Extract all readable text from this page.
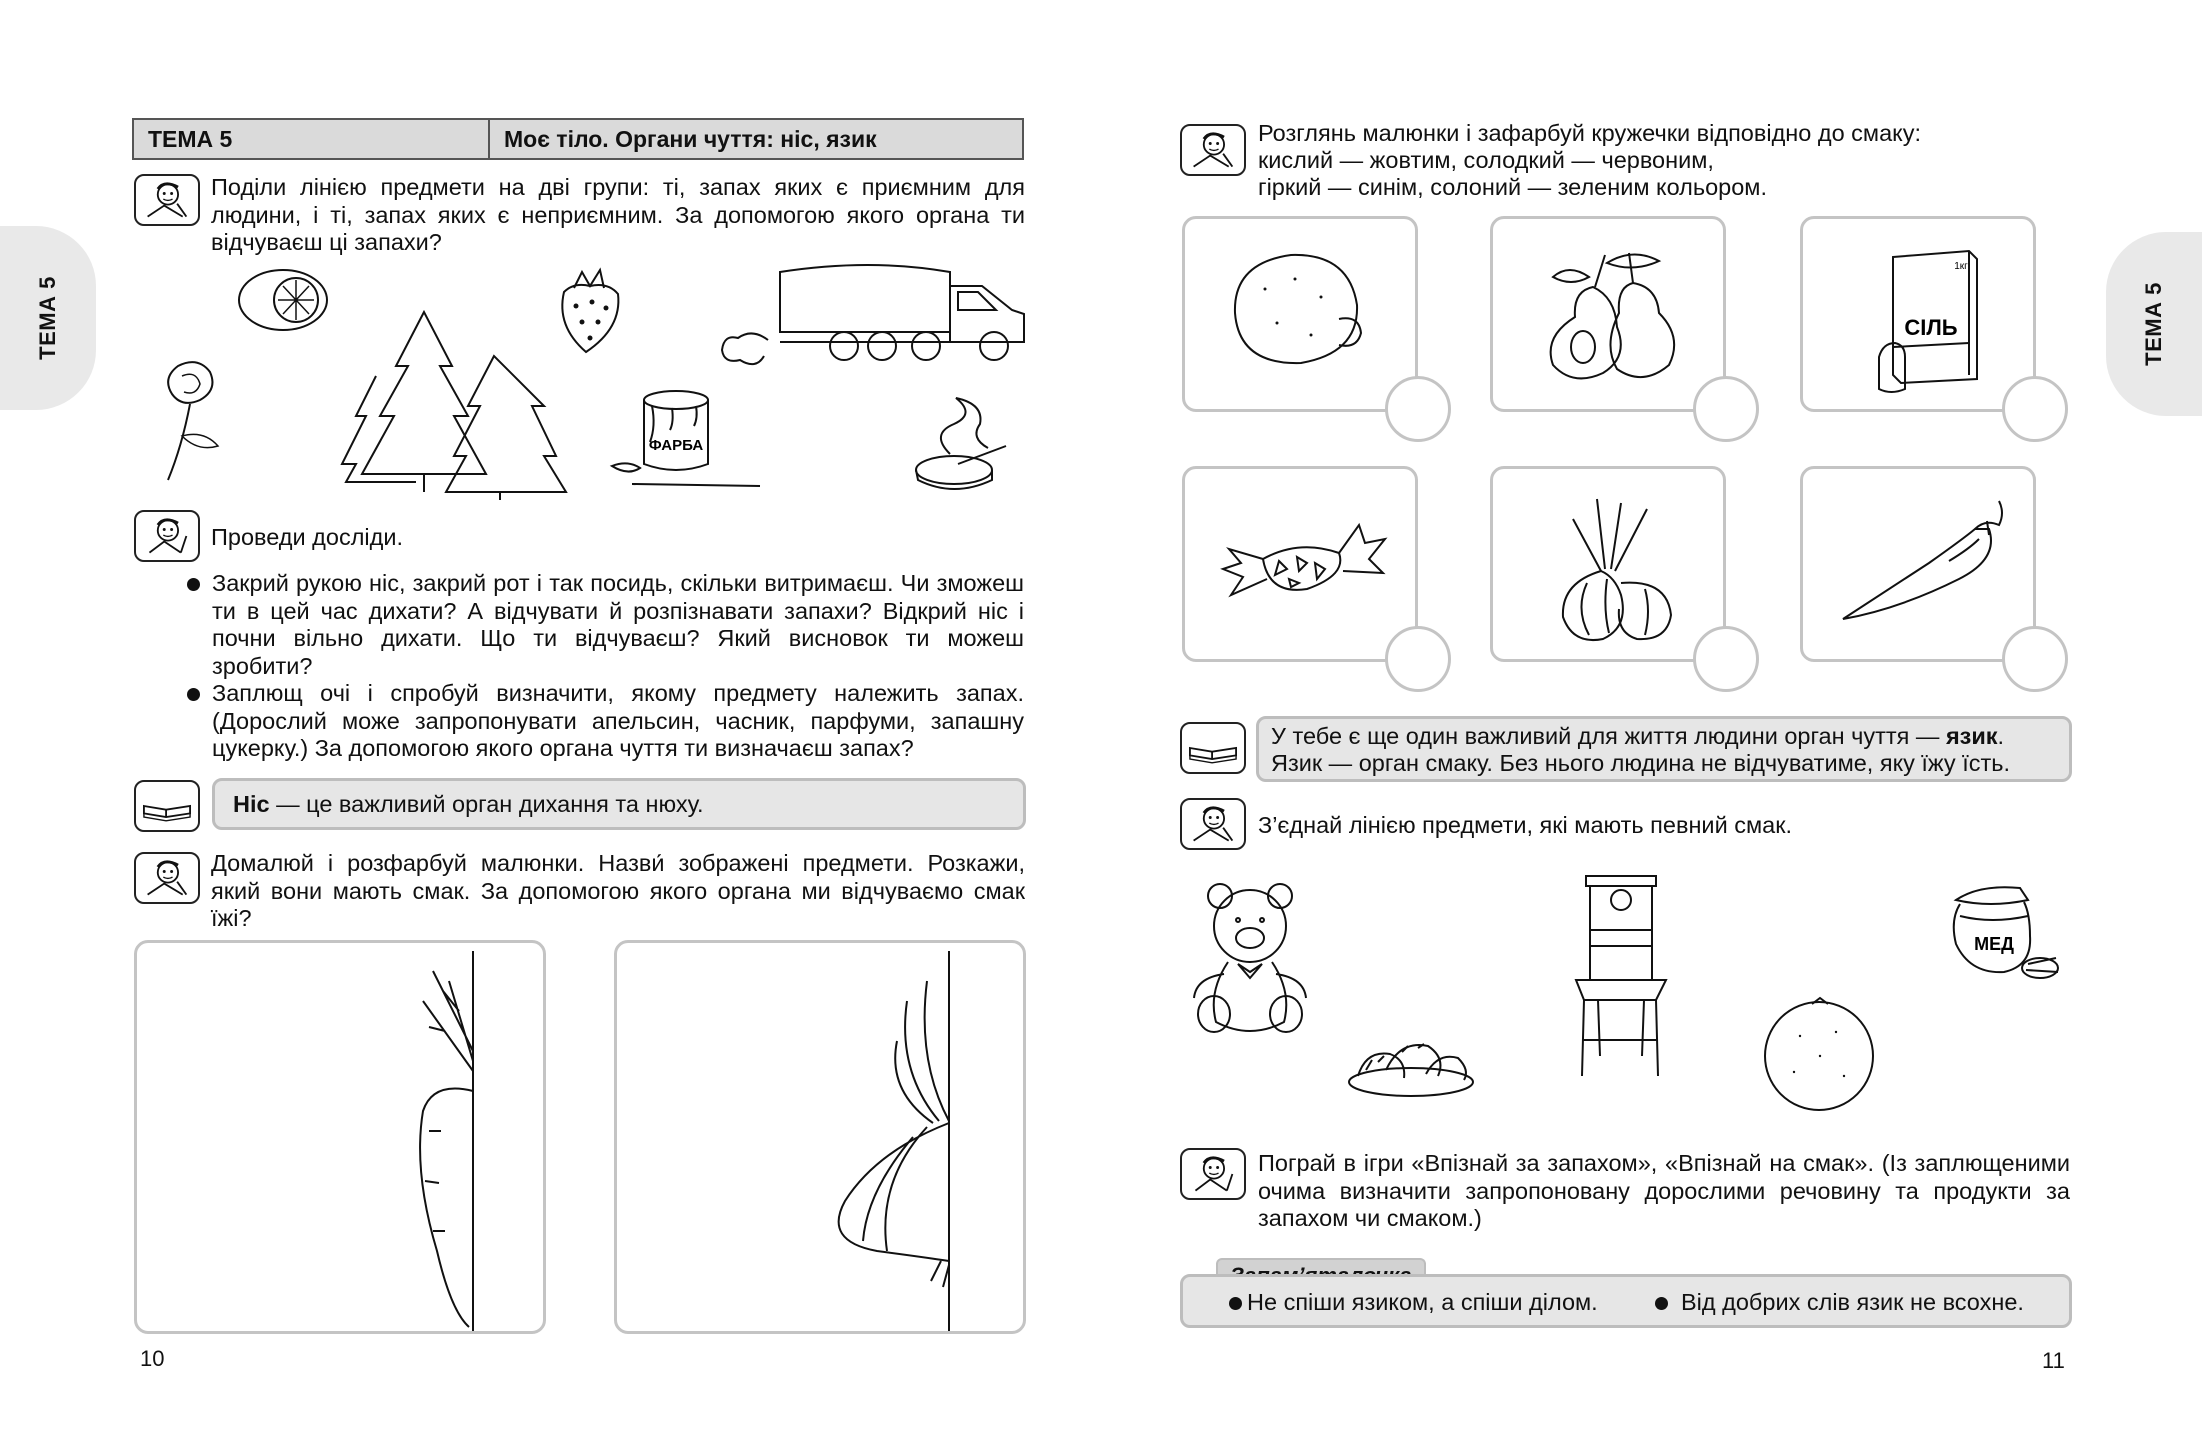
ТЕМА 5	ТЕМА 5
ТЕМА 5	Моє тіло. Органи чуття: ніс, язик
Поділи лінією предмети на дві групи: ті, запах яких є приємним для людини, і ті, запах яких є неприємним. За допомогою якого органа ти відчуваєш ці запахи?
ФАРБА
Проведи досліди.
Закрий рукою ніс, закрий рот і так посидь, скільки витримаєш. Чи зможеш ти в цей час дихати? А відчувати й розпізнавати запахи? Відкрий ніс і почни вільно дихати. Що ти відчуваєш? Який висновок ти можеш зробити?
Заплющ очі і спробуй визначити, якому предмету належить запах. (Дорослий може запропонувати апельсин, часник, парфуми, запашну цукерку.) За допомогою якого органа чуття ти визначаєш запах?
Ніс — це важливий орган дихання та нюху.
Домалюй і розфарбуй малюнки. Назви́ зображені предмети. Розкажи, який вони мають смак. За допомогою якого органа ми відчуваємо смак їжі?
10
Розглянь малюнки і зафарбуй кружечки відповідно до смаку:
кислий — жовтим, солодкий — червоним,
гіркий — синім, солоний — зеленим кольором.
СІЛЬ
1кг
У тебе є ще один важливий для життя людини орган чуття — язик.
Язик — орган смаку. Без нього людина не відчуватиме, яку їжу їсть.
З’єднай лінією предмети, які мають певний смак.
МЕД
Пограй в ігри «Впізнай за запахом», «Впізнай на смак». (Із заплющеними очима визначити запропоновану дорослими речовину та продукти за запахом чи смаком.)
Не спіши язиком, а спіши ділом.	Від добрих слів язик не всохне.
11
